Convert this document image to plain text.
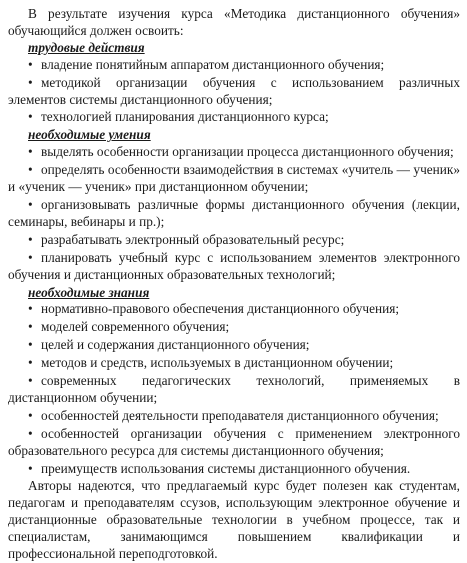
В результате изучения курса «Методика дистанционного обучения» обучающийся должен освоить:

трудовые действия

• владение понятийным аппаратом дистанционного обучения;
• методикой организации обучения с использованием различных элементов системы дистанционного обучения;
• технологией планирования дистанционного курса;

необходимые умения

• выделять особенности организации процесса дистанционного обучения;
• определять особенности взаимодействия в системах «учитель — ученик» и «ученик — ученик» при дистанционном обучении;
• организовывать различные формы дистанционного обучения (лекции, семинары, вебинары и пр.);
• разрабатывать электронный образовательный ресурс;
• планировать учебный курс с использованием элементов электронного обучения и дистанционных образовательных технологий;

необходимые знания

• нормативно-правового обеспечения дистанционного обучения;
• моделей современного обучения;
• целей и содержания дистанционного обучения;
• методов и средств, используемых в дистанционном обучении;
• современных педагогических технологий, применяемых в дистанционном обучении;
• особенностей деятельности преподавателя дистанционного обучения;
• особенностей организации обучения с применением электронного образовательного ресурса для системы дистанционного обучения;
• преимуществ использования системы дистанционного обучения.

Авторы надеются, что предлагаемый курс будет полезен как студентам, педагогам и преподавателям ссузов, использующим электронное обучение и дистанционные образовательные технологии в учебном процессе, так и специалистам, занимающимся повышением квалификации и профессиональной переподготовкой.
